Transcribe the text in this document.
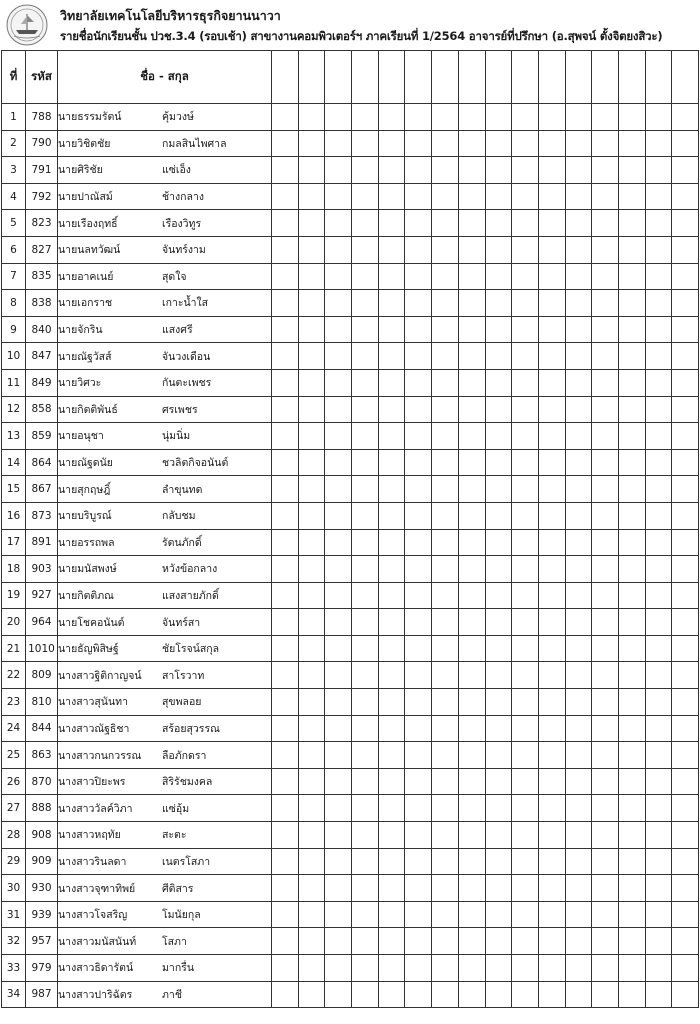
วิทยาลัยเทคโนโลยีบริหารธุรกิจยานนาวา
รายชื่อนักเรียนชั้น ปวช.3.4 (รอบเช้า) สาขางานคอมพิวเตอร์ฯ ภาคเรียนที่ 1/2564 อาจารย์ที่ปรึกษา (อ.สุพจน์ ตั้งจิตยงสิวะ)
ที่	รหัส	ชื่อ - สกุล																
1	788	นายธรรมรัตน์ คุ้มวงษ์																
2	790	นายวิชิตชัย กมลสินไพศาล																
3	791	นายศิริชัย แซ่เอ็ง																
4	792	นายปาณัสม์ ช้างกลาง																
5	823	นายเรืองฤทธิ์ เรืองวิทูร																
6	827	นายนลทวัฒน์ จันทร์งาม																
7	835	นายอาคเนย์ สุดใจ																
8	838	นายเอกราช เกาะน้ำใส																
9	840	นายจักริน แสงศรี																
10	847	นายณัฐวัสส์ จันวงเดือน																
11	849	นายวิศวะ กันตะเพชร																
12	858	นายกิตติพันธ์ ศรเพชร																
13	859	นายอนุชา นุ่มนิ่ม																
14	864	นายณัฐดนัย ชวลิตกิจอนันต์																
15	867	นายสุกฤษฎิ์ ลำขุนทด																
16	873	นายบริบูรณ์ กลับชม																
17	891	นายอรรถพล รัตนภักดิ์																
18	903	นายมนัสพงษ์ หวังข้อกลาง																
19	927	นายกิตติภณ แสงสายภักดิ์																
20	964	นายโชคอนันต์ จันทร์สา																
21	1010	นายธัญพิสิษฐ์ ชัยโรจน์สกุล																
22	809	นางสาวฐิติกาญจน์ สาโรวาท																
23	810	นางสาวสุนันทา สุขพลอย																
24	844	นางสาวณัฐธิชา สร้อยสุวรรณ																
25	863	นางสาวกนกวรรณ ลือภักดรา																
26	870	นางสาวปิยะพร สิริรัชมงคล																
27	888	นางสาววัลค์วิภา แซ่อุ้ม																
28	908	นางสาวหฤทัย สะตะ																
29	909	นางสาวรินลดา เนตรโสภา																
30	930	นางสาวจุฑาทิพย์ ศีติสาร																
31	939	นางสาวโจสริญ โมนัยกุล																
32	957	นางสาวมนัสนันท์ โสภา																
33	979	นางสาวธิดารัตน์ มากรื่น																
34	987	นางสาวปาริฉัตร ภาชี																
